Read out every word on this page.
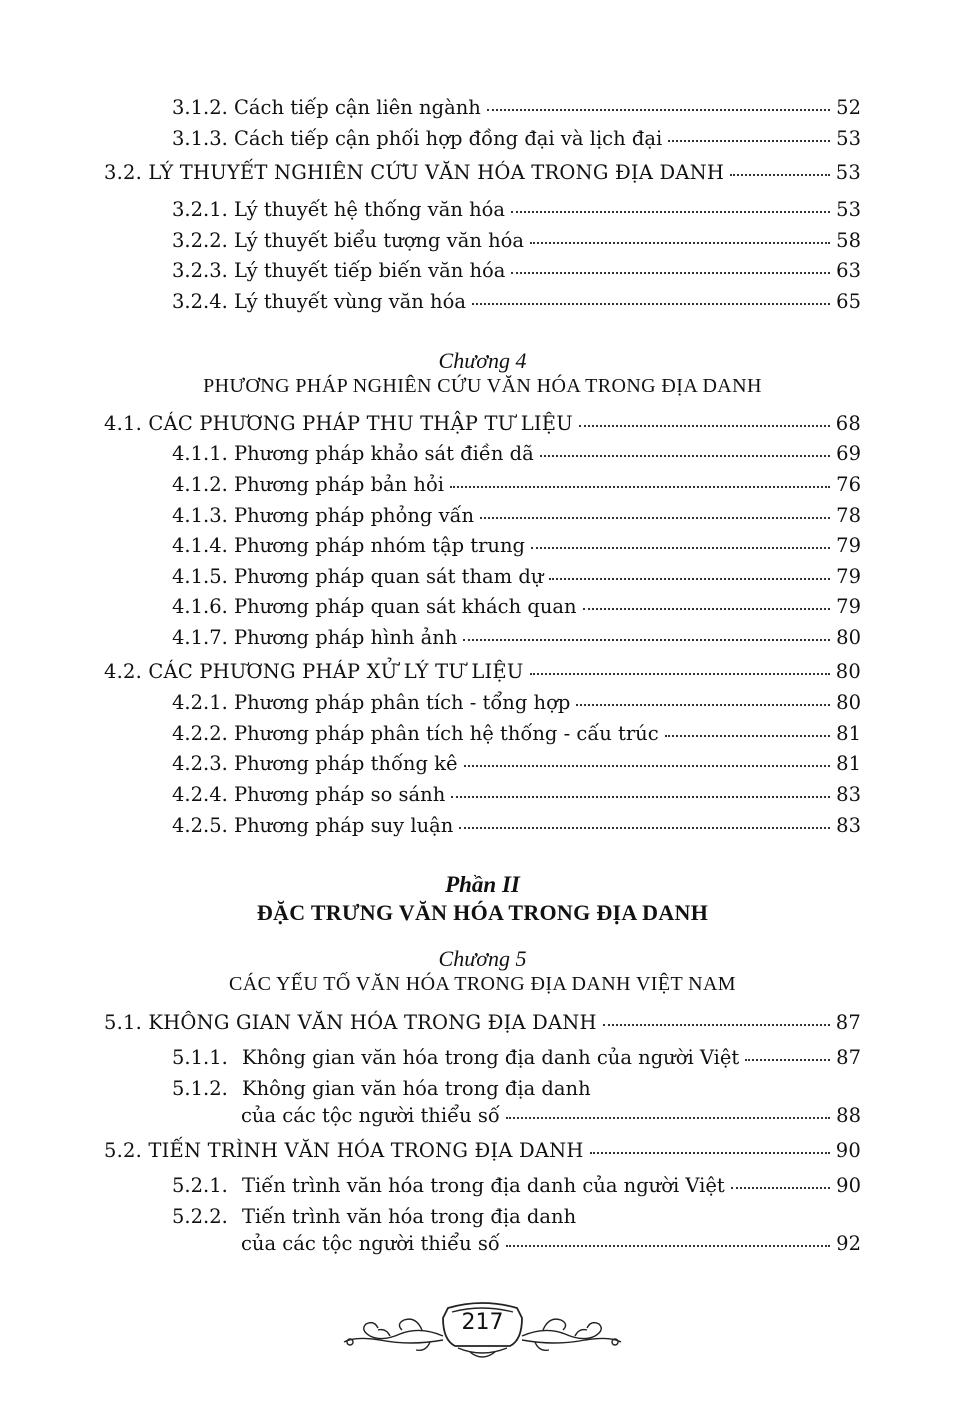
3.1.2. Cách tiếp cận liên ngành	52
3.1.3. Cách tiếp cận phối hợp đồng đại và lịch đại	53
3.2.
LÝ THUYẾT NGHIÊN CỨU VĂN HÓA TRONG ĐỊA DANH	53
3.2.1. Lý thuyết hệ thống văn hóa	53
3.2.2. Lý thuyết biểu tượng văn hóa	58
3.2.3. Lý thuyết tiếp biến văn hóa	63
3.2.4. Lý thuyết vùng văn hóa	65
Chương 4
PHƯƠNG PHÁP NGHIÊN CỨU VĂN HÓA TRONG ĐỊA DANH
4.1.
CÁC PHƯƠNG PHÁP THU THẬP TƯ LIỆU	68
4.1.1. Phương pháp khảo sát điền dã	69
4.1.2. Phương pháp bản hỏi	76
4.1.3. Phương pháp phỏng vấn	78
4.1.4. Phương pháp nhóm tập trung	79
4.1.5. Phương pháp quan sát tham dự	79
4.1.6. Phương pháp quan sát khách quan	79
4.1.7. Phương pháp hình ảnh	80
4.2.
CÁC PHƯƠNG PHÁP XỬ LÝ TƯ LIỆU	80
4.2.1. Phương pháp phân tích - tổng hợp	80
4.2.2. Phương pháp phân tích hệ thống - cấu trúc	81
4.2.3. Phương pháp thống kê	81
4.2.4. Phương pháp so sánh	83
4.2.5. Phương pháp suy luận	83
Phần II
ĐẶC TRƯNG VĂN HÓA TRONG ĐỊA DANH
Chương 5
CÁC YẾU TỐ VĂN HÓA TRONG ĐỊA DANH VIỆT NAM
5.1.
KHÔNG GIAN VĂN HÓA TRONG ĐỊA DANH	87
5.1.1. Không gian văn hóa trong địa danh của người Việt	87
5.1.2. Không gian văn hóa trong địa danh
của các tộc người thiểu số	88
5.2.
TIẾN TRÌNH VĂN HÓA TRONG ĐỊA DANH	90
5.2.1. Tiến trình văn hóa trong địa danh của người Việt	90
5.2.2. Tiến trình văn hóa trong địa danh
của các tộc người thiểu số	92
217
